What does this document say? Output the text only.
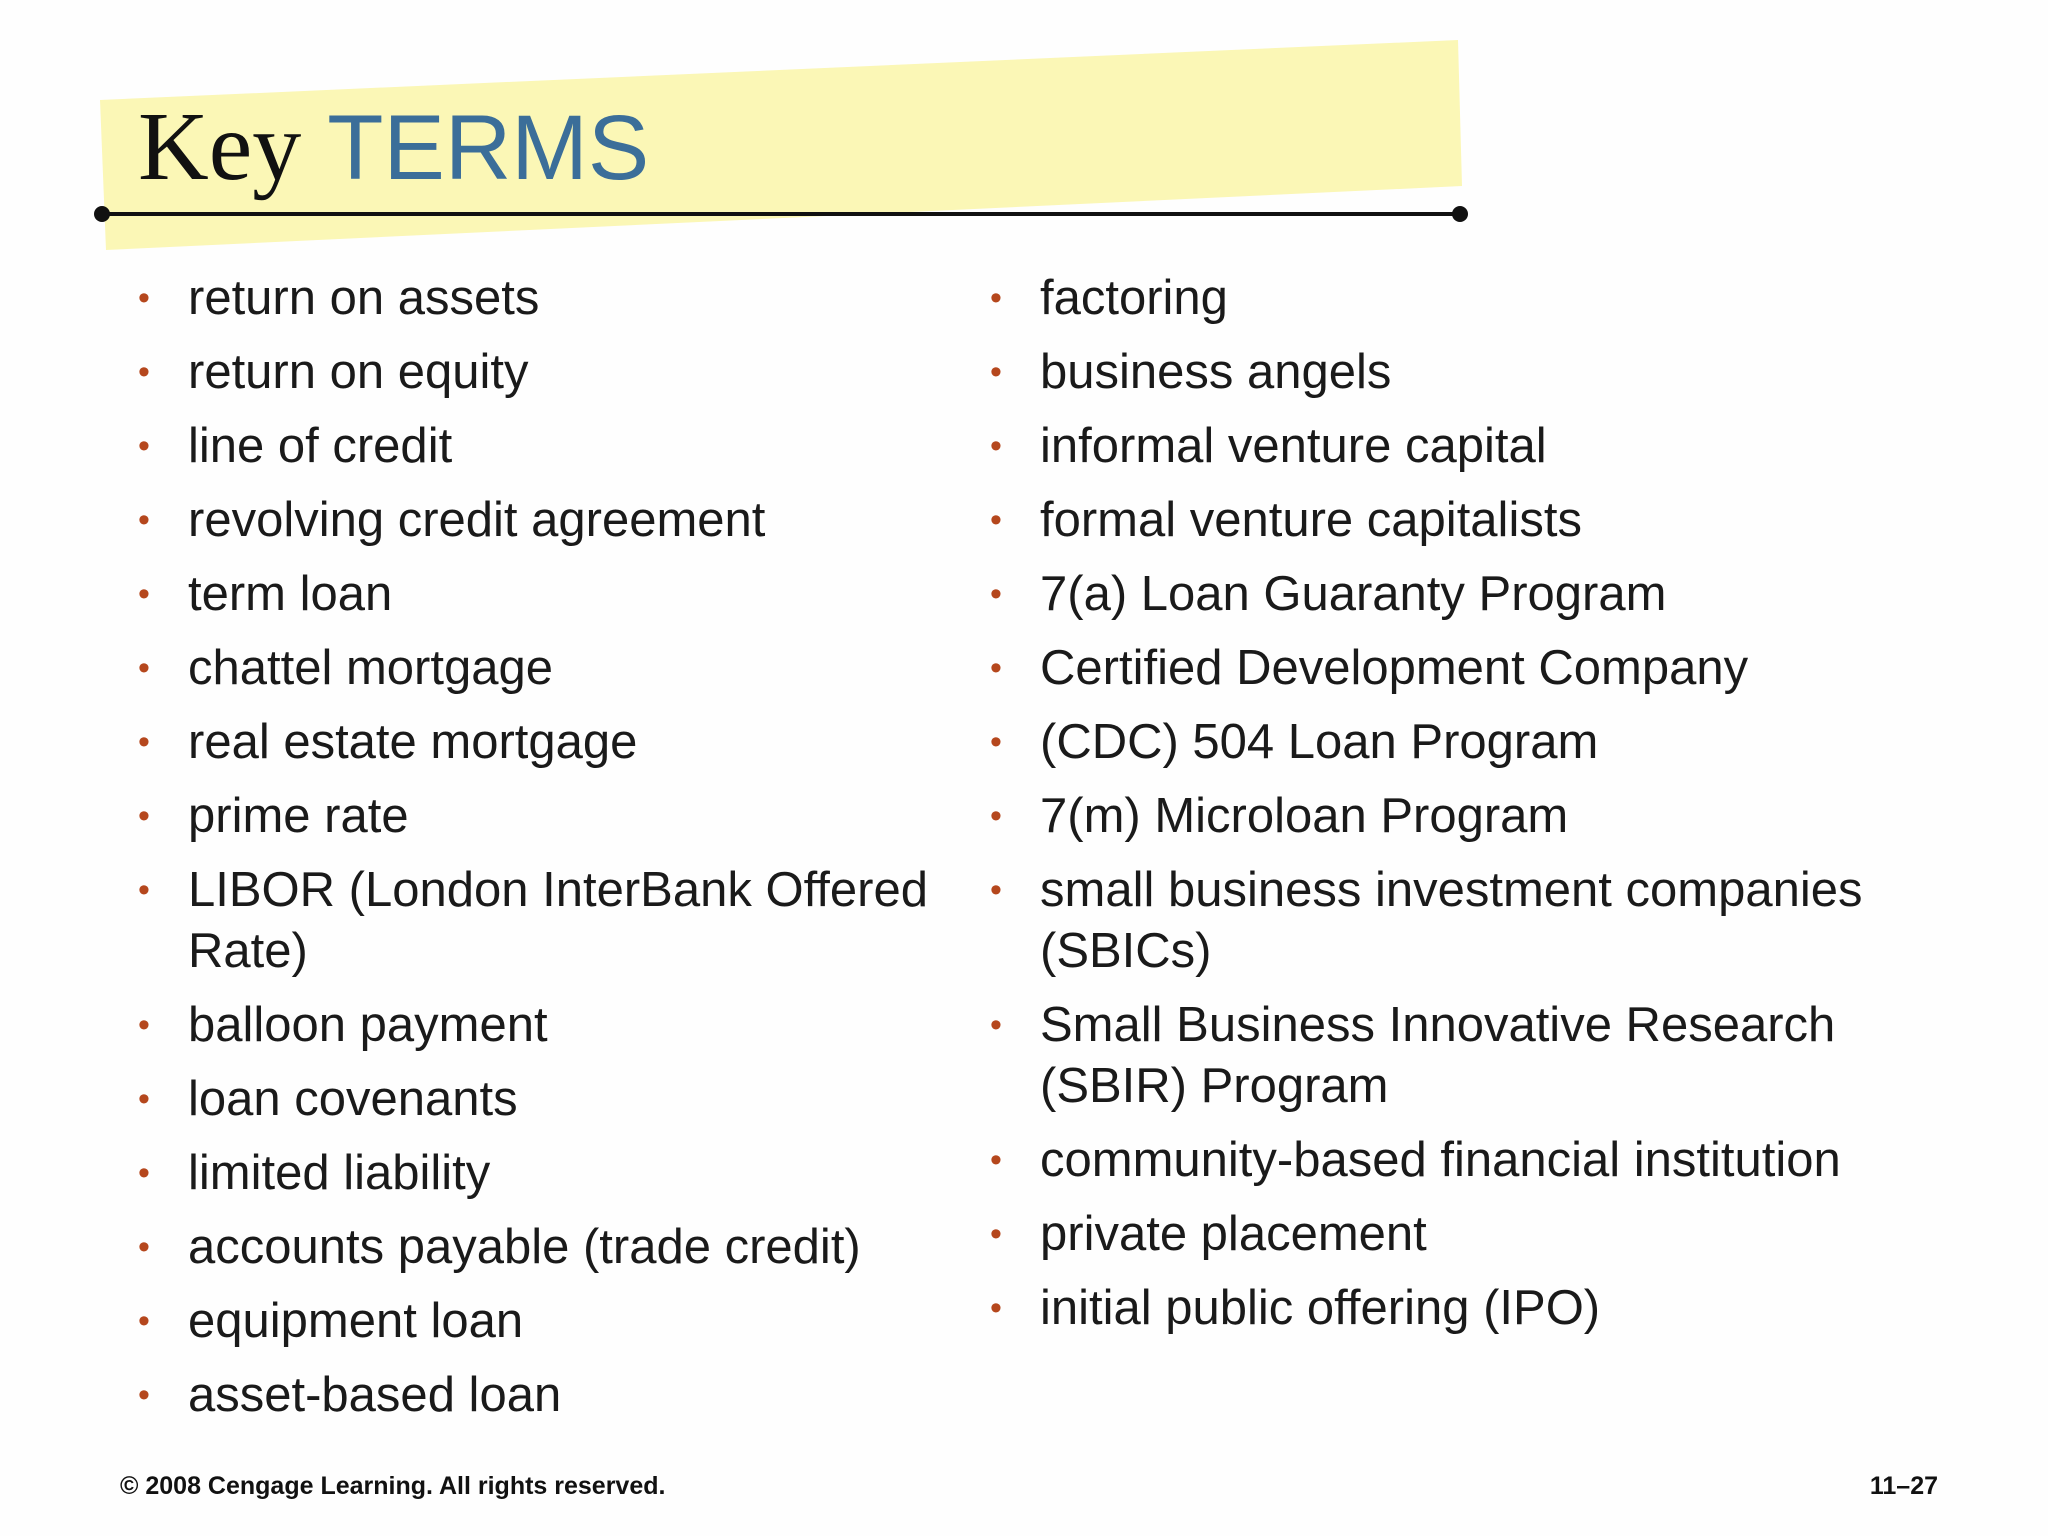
Key TERMS
• return on assets
• return on equity
• line of credit
• revolving credit agreement
• term loan
• chattel mortgage
• real estate mortgage
• prime rate
• LIBOR (London InterBank Offered Rate)
• balloon payment
• loan covenants
• limited liability
• accounts payable (trade credit)
• equipment loan
• asset-based loan
• factoring
• business angels
• informal venture capital
• formal venture capitalists
• 7(a) Loan Guaranty Program
• Certified Development Company
• (CDC) 504 Loan Program
• 7(m) Microloan Program
• small business investment companies (SBICs)
• Small Business Innovative Research (SBIR) Program
• community-based financial institution
• private placement
• initial public offering (IPO)
© 2008 Cengage Learning. All rights reserved.	11–27
